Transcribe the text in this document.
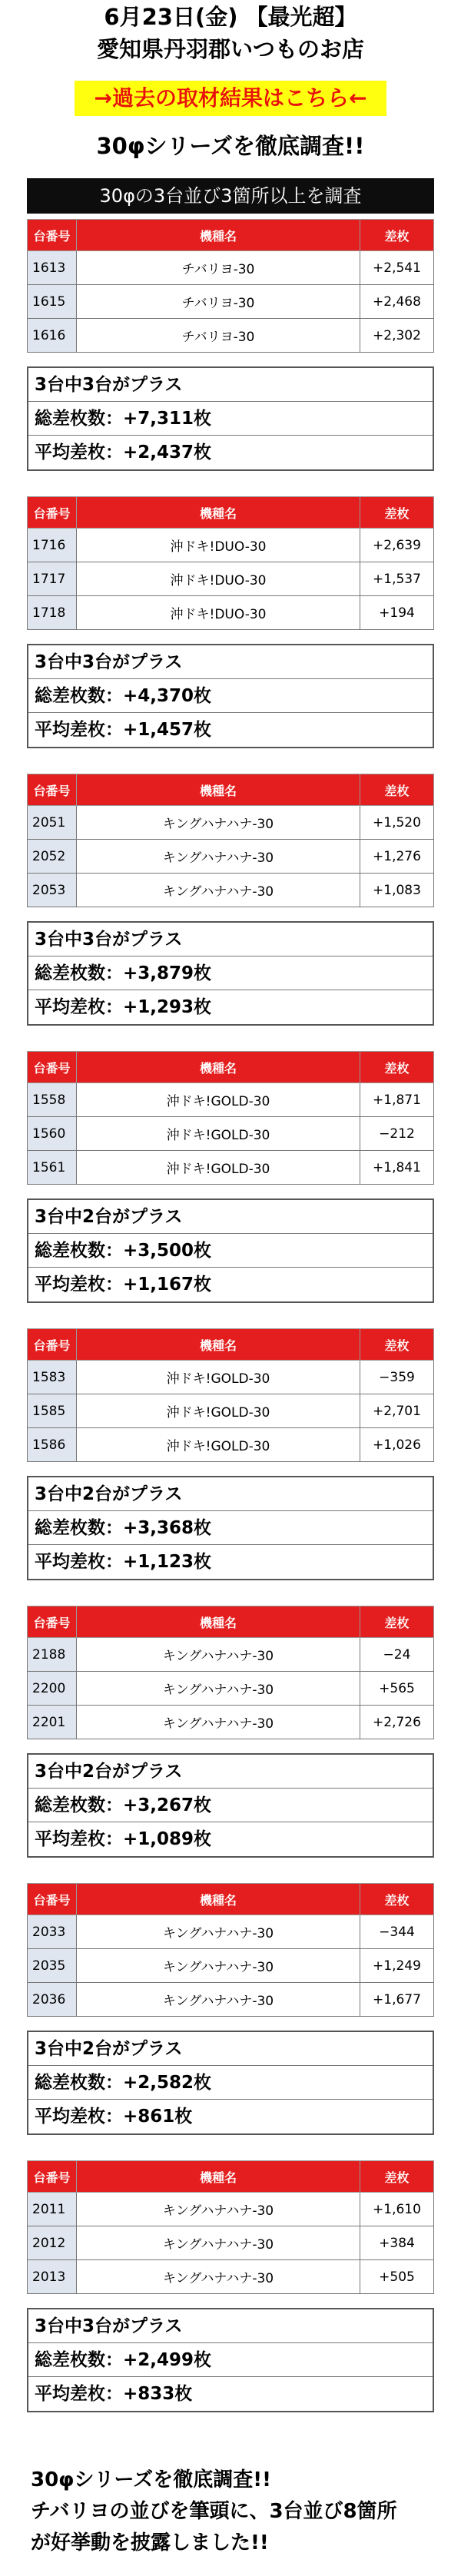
6月23日(金) 【最光超】
愛知県丹羽郡いつものお店
→過去の取材結果はこちら←
30φシリーズを徹底調査!!
30φの3台並び3箇所以上を調査
台番号	機種名	差枚
1613	チバリヨ-30	+2,541
1615	チバリヨ-30	+2,468
1616	チバリヨ-30	+2,302
3台中3台がプラス
総差枚数：+7,311枚
平均差枚：+2,437枚
台番号	機種名	差枚
1716	沖ドキ!DUO-30	+2,639
1717	沖ドキ!DUO-30	+1,537
1718	沖ドキ!DUO-30	+194
3台中3台がプラス
総差枚数：+4,370枚
平均差枚：+1,457枚
台番号	機種名	差枚
2051	キングハナハナ-30	+1,520
2052	キングハナハナ-30	+1,276
2053	キングハナハナ-30	+1,083
3台中3台がプラス
総差枚数：+3,879枚
平均差枚：+1,293枚
台番号	機種名	差枚
1558	沖ドキ!GOLD-30	+1,871
1560	沖ドキ!GOLD-30	−212
1561	沖ドキ!GOLD-30	+1,841
3台中2台がプラス
総差枚数：+3,500枚
平均差枚：+1,167枚
台番号	機種名	差枚
1583	沖ドキ!GOLD-30	−359
1585	沖ドキ!GOLD-30	+2,701
1586	沖ドキ!GOLD-30	+1,026
3台中2台がプラス
総差枚数：+3,368枚
平均差枚：+1,123枚
台番号	機種名	差枚
2188	キングハナハナ-30	−24
2200	キングハナハナ-30	+565
2201	キングハナハナ-30	+2,726
3台中2台がプラス
総差枚数：+3,267枚
平均差枚：+1,089枚
台番号	機種名	差枚
2033	キングハナハナ-30	−344
2035	キングハナハナ-30	+1,249
2036	キングハナハナ-30	+1,677
3台中2台がプラス
総差枚数：+2,582枚
平均差枚：+861枚
台番号	機種名	差枚
2011	キングハナハナ-30	+1,610
2012	キングハナハナ-30	+384
2013	キングハナハナ-30	+505
3台中3台がプラス
総差枚数：+2,499枚
平均差枚：+833枚
30φシリーズを徹底調査!!
チバリヨの並びを筆頭に、3台並び8箇所
が好挙動を披露しました!!
